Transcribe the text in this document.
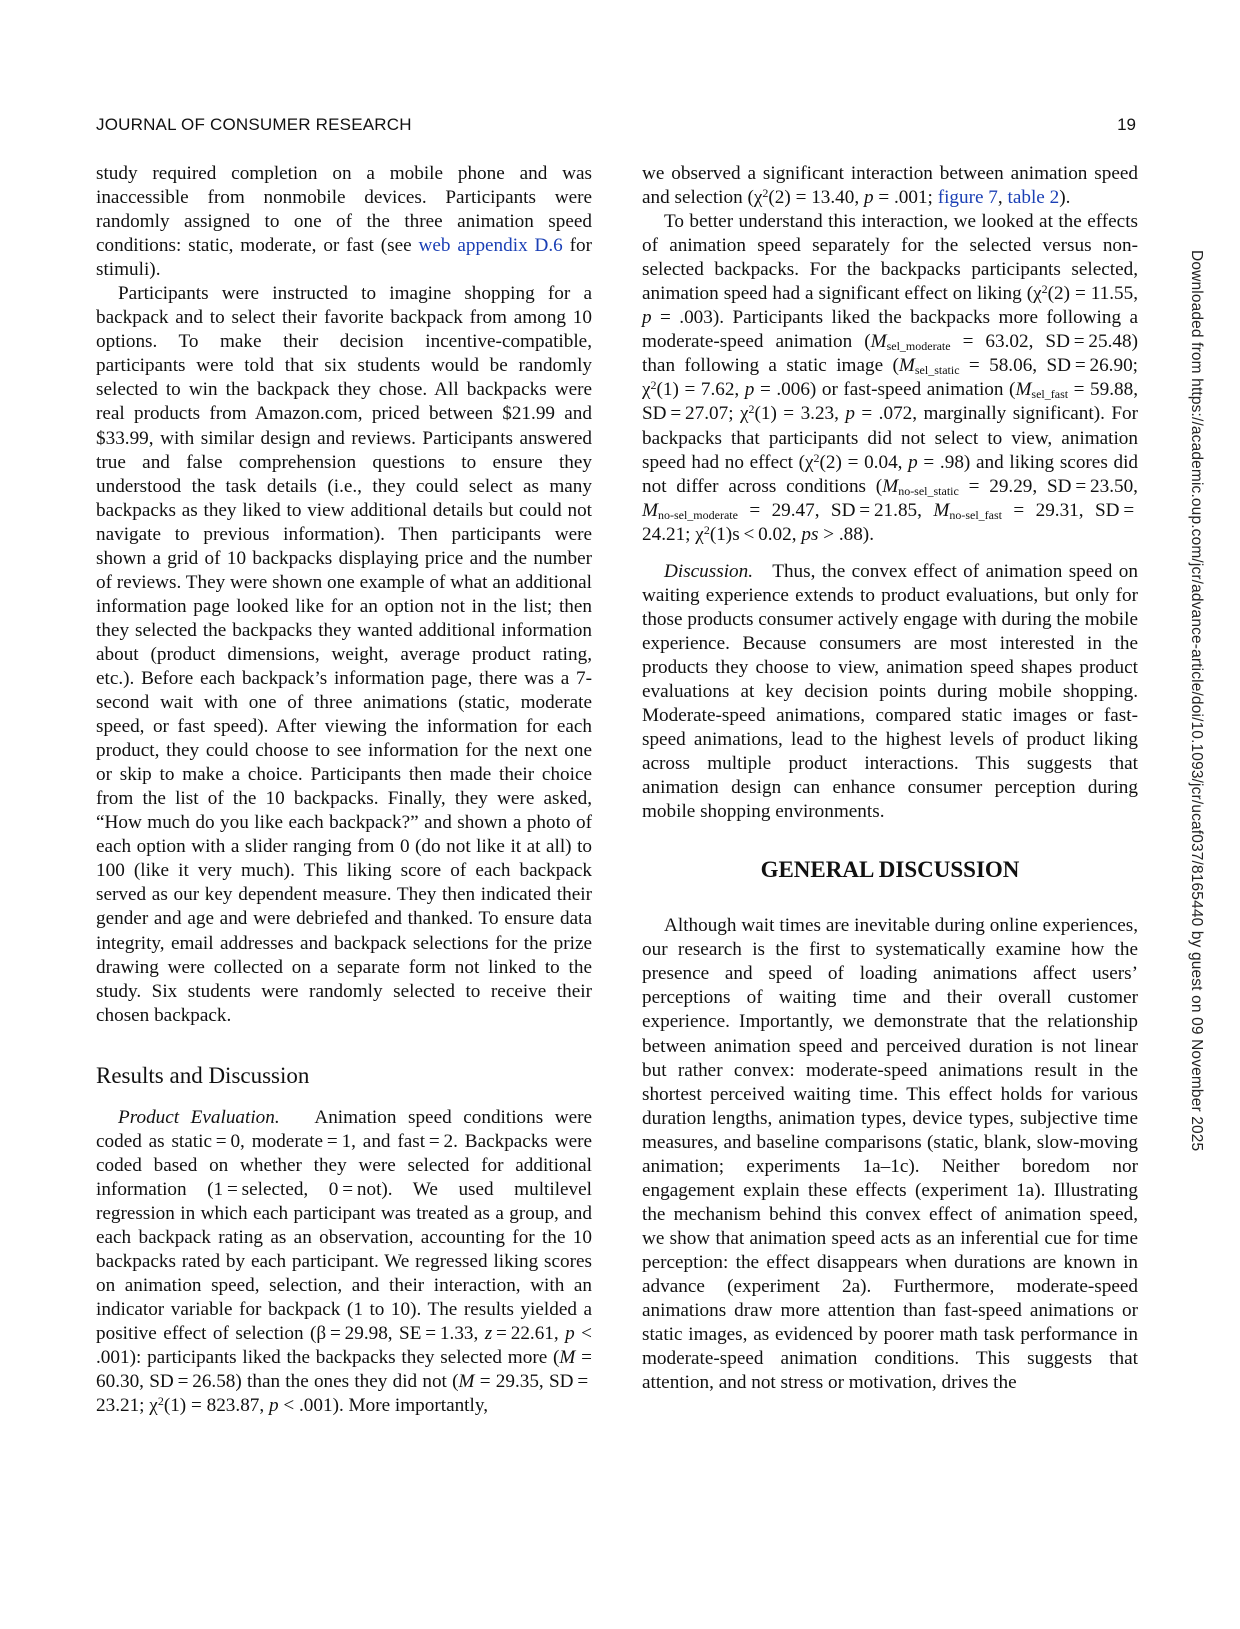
JOURNAL OF CONSUMER RESEARCH	19

study required completion on a mobile phone and was inaccessible from nonmobile devices. Participants were randomly assigned to one of the three animation speed conditions: static, moderate, or fast (see web appendix D.6 for stimuli).

Participants were instructed to imagine shopping for a backpack and to select their favorite backpack from among 10 options. To make their decision incentive-compatible, participants were told that six students would be randomly selected to win the backpack they chose. All backpacks were real products from Amazon.com, priced between $21.99 and $33.99, with similar design and reviews. Participants answered true and false comprehension questions to ensure they understood the task details (i.e., they could select as many backpacks as they liked to view additional details but could not navigate to previous information). Then participants were shown a grid of 10 backpacks displaying price and the number of reviews. They were shown one example of what an additional information page looked like for an option not in the list; then they selected the backpacks they wanted additional information about (product dimensions, weight, average product rating, etc.). Before each backpack’s information page, there was a 7-second wait with one of three animations (static, moderate speed, or fast speed). After viewing the information for each product, they could choose to see information for the next one or skip to make a choice. Participants then made their choice from the list of the 10 backpacks. Finally, they were asked, “How much do you like each backpack?” and shown a photo of each option with a slider ranging from 0 (do not like it at all) to 100 (like it very much). This liking score of each backpack served as our key dependent measure. They then indicated their gender and age and were debriefed and thanked. To ensure data integrity, email addresses and backpack selections for the prize drawing were collected on a separate form not linked to the study. Six students were randomly selected to receive their chosen backpack.

Results and Discussion

Product Evaluation. Animation speed conditions were coded as static = 0, moderate = 1, and fast = 2. Backpacks were coded based on whether they were selected for additional information (1 = selected, 0 = not). We used multilevel regression in which each participant was treated as a group, and each backpack rating as an observation, accounting for the 10 backpacks rated by each participant. We regressed liking scores on animation speed, selection, and their interaction, with an indicator variable for backpack (1 to 10). The results yielded a positive effect of selection (β = 29.98, SE = 1.33, z = 22.61, p < .001): participants liked the backpacks they selected more (M = 60.30, SD = 26.58) than the ones they did not (M = 29.35, SD = 23.21; $\chi^2(1) = 823.87$, p < .001). More importantly,

we observed a significant interaction between animation speed and selection ($\chi^2(2) = 13.40$, p = .001; figure 7, table 2).

To better understand this interaction, we looked at the effects of animation speed separately for the selected versus non-selected backpacks. For the backpacks participants selected, animation speed had a significant effect on liking ($\chi^2(2) = 11.55$, p = .003). Participants liked the backpacks more following a moderate-speed animation ($M_{sel\_moderate} = 63.02$, SD = 25.48) than following a static image ($M_{sel\_static} = 58.06$, SD = 26.90; $\chi^2(1) = 7.62$, p = .006) or fast-speed animation ($M_{sel\_fast} = 59.88$, SD = 27.07; $\chi^2(1) = 3.23$, p = .072, marginally significant). For backpacks that participants did not select to view, animation speed had no effect ($\chi^2(2) = 0.04$, p = .98) and liking scores did not differ across conditions ($M_{no-sel\_static} = 29.29$, SD = 23.50, $M_{no-sel\_moderate} = 29.47$, SD = 21.85, $M_{no-sel\_fast} = 29.31$, SD = 24.21; $\chi^2(1)s < 0.02$, ps > .88).

Discussion. Thus, the convex effect of animation speed on waiting experience extends to product evaluations, but only for those products consumer actively engage with during the mobile experience. Because consumers are most interested in the products they choose to view, animation speed shapes product evaluations at key decision points during mobile shopping. Moderate-speed animations, compared static images or fast-speed animations, lead to the highest levels of product liking across multiple product interactions. This suggests that animation design can enhance consumer perception during mobile shopping environments.

GENERAL DISCUSSION

Although wait times are inevitable during online experiences, our research is the first to systematically examine how the presence and speed of loading animations affect users’ perceptions of waiting time and their overall customer experience. Importantly, we demonstrate that the relationship between animation speed and perceived duration is not linear but rather convex: moderate-speed animations result in the shortest perceived waiting time. This effect holds for various duration lengths, animation types, device types, subjective time measures, and baseline comparisons (static, blank, slow-moving animation; experiments 1a–1c). Neither boredom nor engagement explain these effects (experiment 1a). Illustrating the mechanism behind this convex effect of animation speed, we show that animation speed acts as an inferential cue for time perception: the effect disappears when durations are known in advance (experiment 2a). Furthermore, moderate-speed animations draw more attention than fast-speed animations or static images, as evidenced by poorer math task performance in moderate-speed animation conditions. This suggests that attention, and not stress or motivation, drives the

Downloaded from https://academic.oup.com/jcr/advance-article/doi/10.1093/jcr/ucaf037/8165440 by guest on 09 November 2025
